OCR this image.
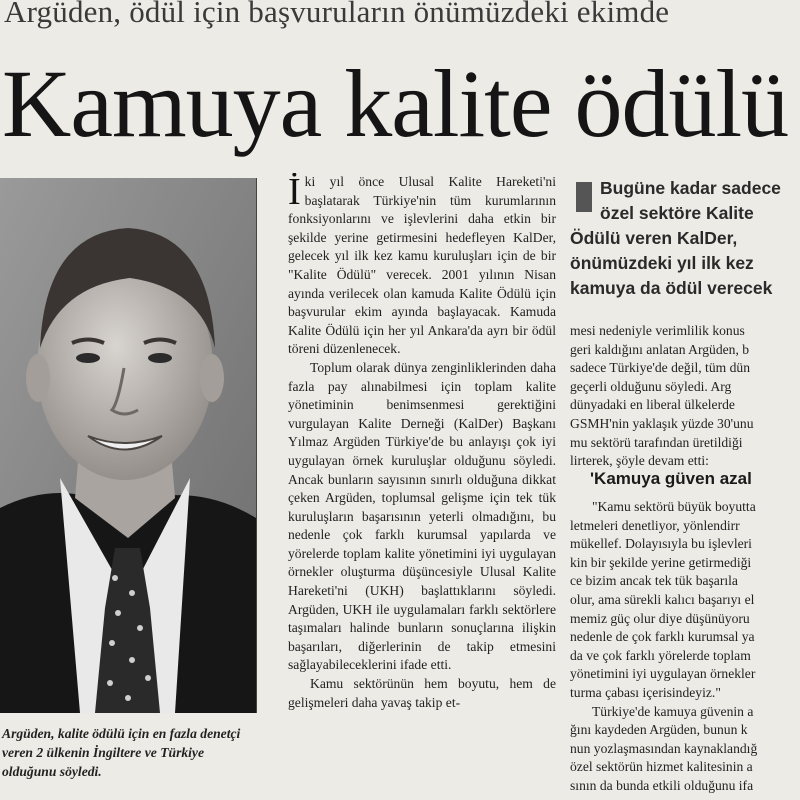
Argüden, ödül için başvuruların önümüzdeki ekimde
Kamuya kalite ödülü
Argüden, kalite ödülü için en fazla denetçi veren 2 ülkenin İngiltere ve Türkiye olduğunu söyledi.

İki yıl önce Ulusal Kalite Hareketi'ni başlatarak Türkiye'nin tüm kurumlarının fonksiyonlarını ve işlevlerini daha etkin bir şekilde yerine getirmesini hedefleyen KalDer, gelecek yıl ilk kez kamu kuruluşları için de bir "Kalite Ödülü" verecek. 2001 yılının Nisan ayında verilecek olan kamuda Kalite Ödülü için başvurular ekim ayında başlayacak. Kamuda Kalite Ödülü için her yıl Ankara'da ayrı bir ödül töreni düzenlenecek.

Toplum olarak dünya zenginliklerinden daha fazla pay alınabilmesi için toplam kalite yönetiminin benimsenmesi gerektiğini vurgulayan Kalite Derneği (KalDer) Başkanı Yılmaz Argüden Türkiye'de bu anlayışı çok iyi uygulayan örnek kuruluşlar olduğunu söyledi. Ancak bunların sayısının sınırlı olduğuna dikkat çeken Argüden, toplumsal gelişme için tek tük kuruluşların başarısının yeterli olmadığını, bu nedenle çok farklı kurumsal yapılarda ve yörelerde toplam kalite yönetimini iyi uygulayan örnekler oluşturma düşüncesiyle Ulusal Kalite Hareketi'ni (UKH) başlattıklarını söyledi. Argüden, UKH ile uygulamaları farklı sektörlere taşımaları halinde bunların sonuçlarına ilişkin başarıları, diğerlerinin de takip etmesini sağlayabileceklerini ifade etti.

Kamu sektörünün hem boyutu, hem de gelişmeleri daha yavaş takip et-

Bugüne kadar sadece
özel sektöre Kalite
Ödülü veren KalDer,
önümüzdeki yıl ilk kez
kamuya da ödül verecek
mesi nedeniyle verimlilik konus
geri kaldığını anlatan Argüden, b
sadece Türkiye'de değil, tüm dün
geçerli olduğunu söyledi. Arg
dünyadaki en liberal ülkelerde
GSMH'nin yaklaşık yüzde 30'unu
mu sektörü tarafından üretildiği
lirterek, şöyle devam etti:
'Kamuya güven azal
"Kamu sektörü büyük boyutta
letmeleri denetliyor, yönlendirr
mükellef. Dolayısıyla bu işlevleri
kin bir şekilde yerine getirmediği
ce bizim ancak tek tük başarıla
olur, ama sürekli kalıcı başarıyı el
memiz güç olur diye düşünüyoru
nedenle de çok farklı kurumsal ya
da ve çok farklı yörelerde toplam
yönetimini iyi uygulayan örnekler
turma çabası içerisindeyiz."
Türkiye'de kamuya güvenin a
ğını kaydeden Argüden, bunun k
nun yozlaşmasından kaynaklandığ
özel sektörün hizmet kalitesinin a
sının da bunda etkili olduğunu ifa
